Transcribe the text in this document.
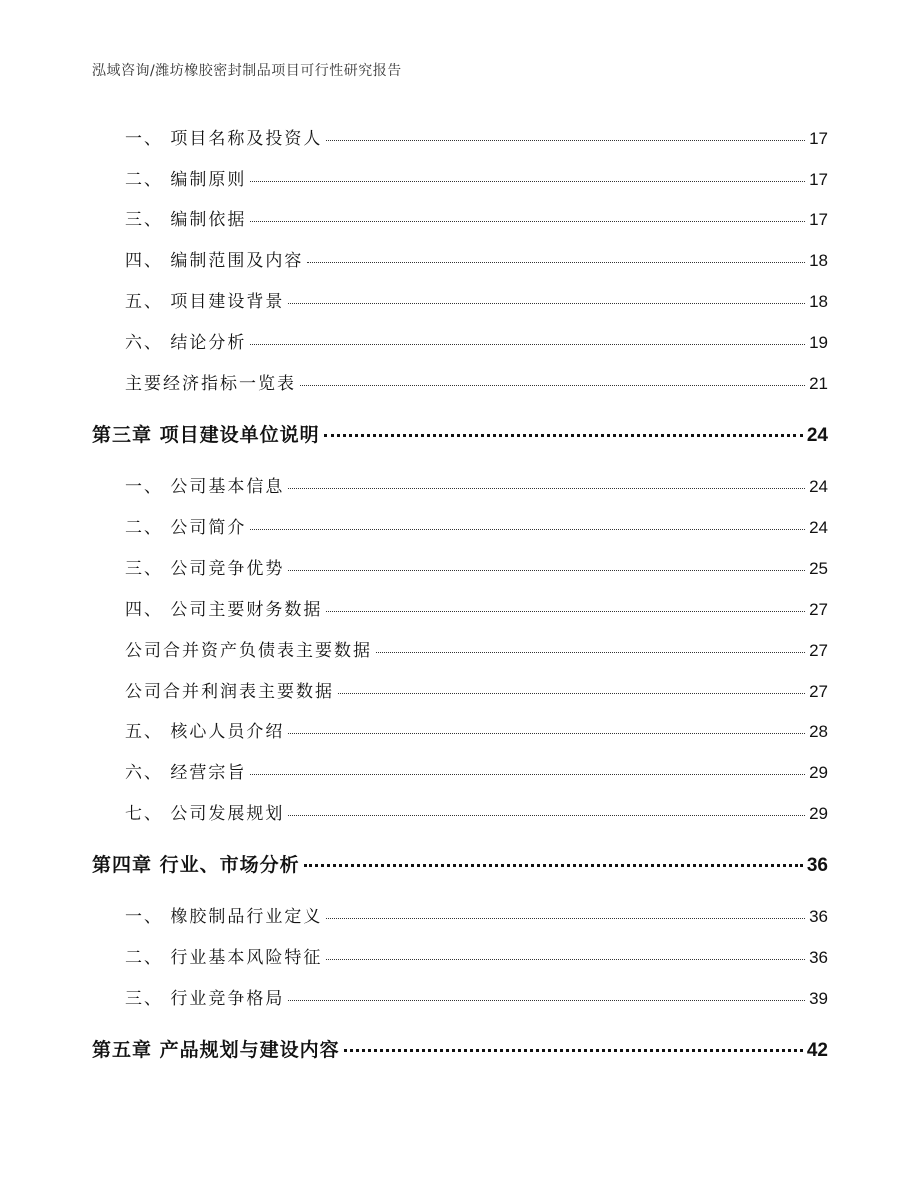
泓域咨询/潍坊橡胶密封制品项目可行性研究报告
一、 项目名称及投资人	17
二、 编制原则	17
三、 编制依据	17
四、 编制范围及内容	18
五、 项目建设背景	18
六、 结论分析	19
主要经济指标一览表	21
第三章 项目建设单位说明	24
一、 公司基本信息	24
二、 公司简介	24
三、 公司竞争优势	25
四、 公司主要财务数据	27
公司合并资产负债表主要数据	27
公司合并利润表主要数据	27
五、 核心人员介绍	28
六、 经营宗旨	29
七、 公司发展规划	29
第四章 行业、市场分析	36
一、 橡胶制品行业定义	36
二、 行业基本风险特征	36
三、 行业竞争格局	39
第五章 产品规划与建设内容	42
